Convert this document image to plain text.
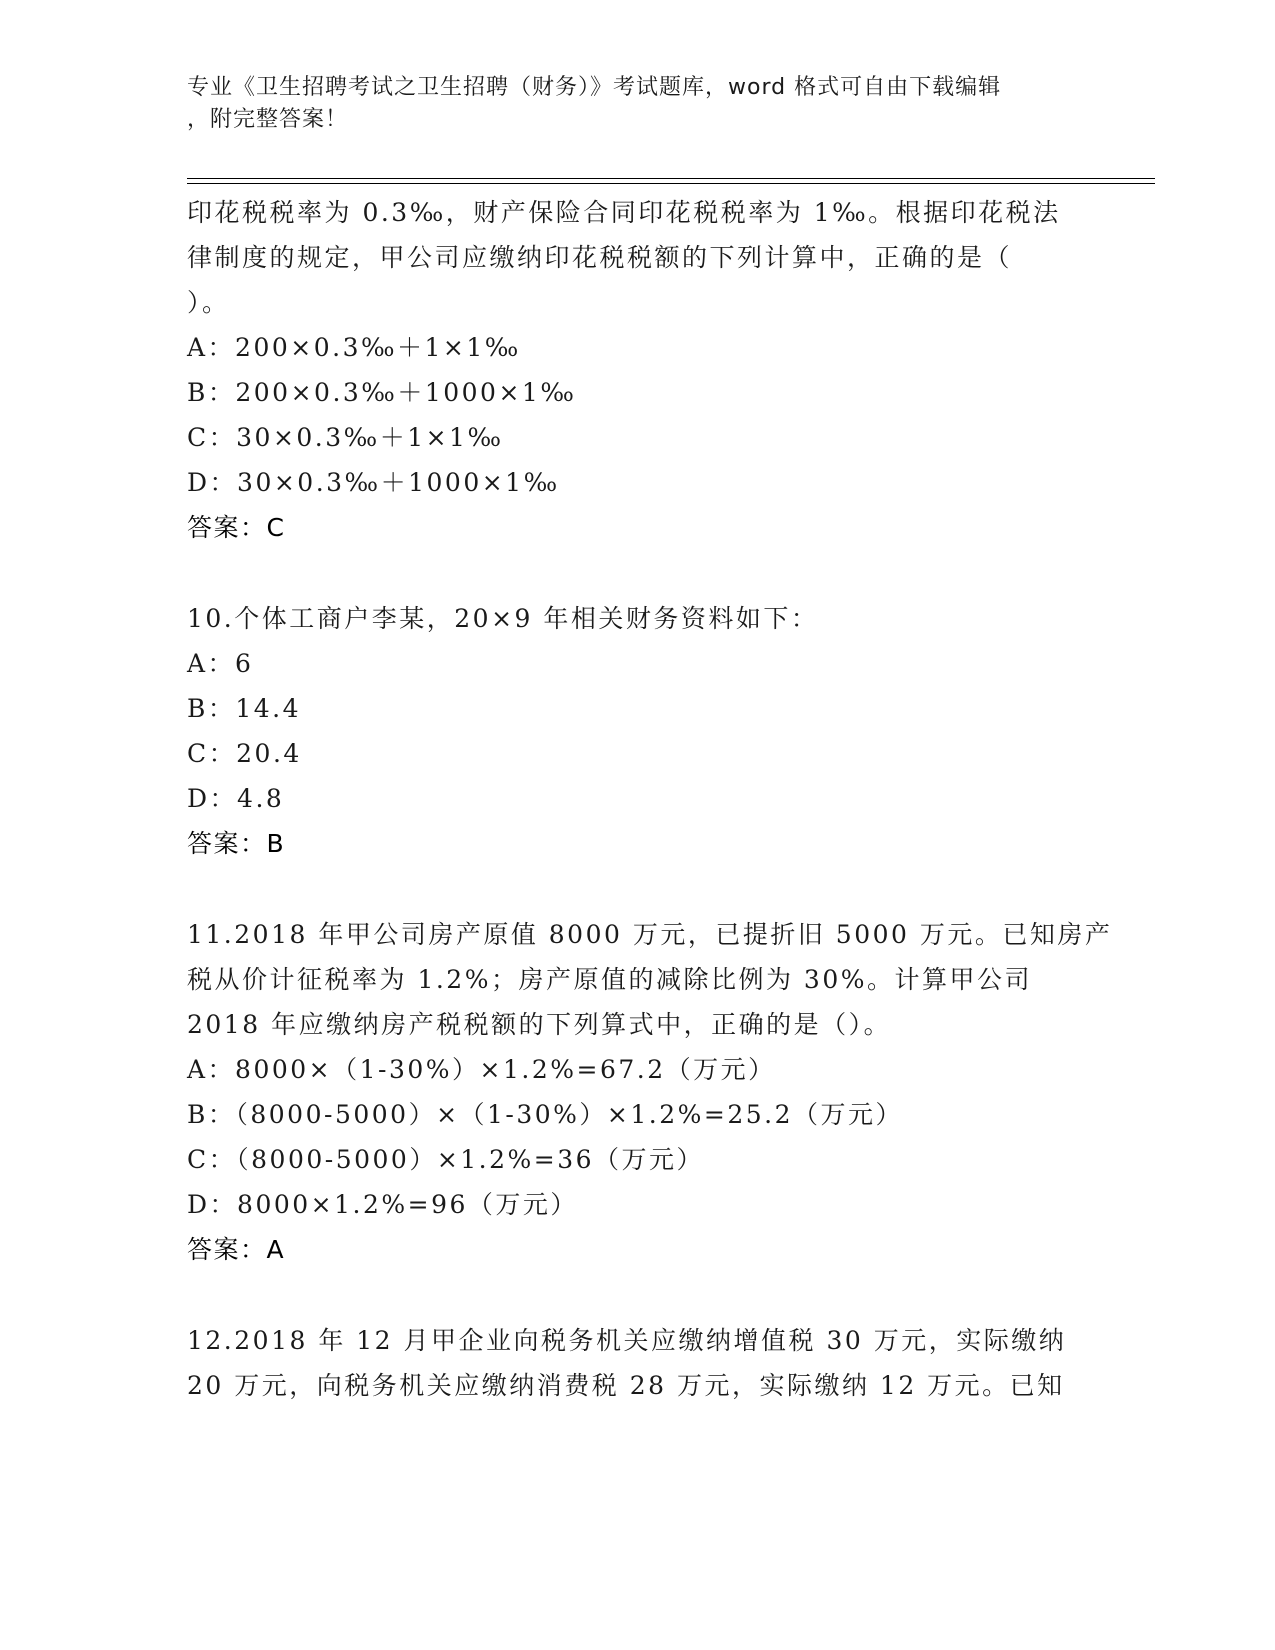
专业《卫生招聘考试之卫生招聘（财务）》考试题库，word 格式可自由下载编辑
，附完整答案！
印花税税率为 0.3‰，财产保险合同印花税税率为 1‰。根据印花税法
律制度的规定，甲公司应缴纳印花税税额的下列计算中，正确的是（
）。
A：200×0.3‰＋1×1‰
B：200×0.3‰＋1000×1‰
C：30×0.3‰＋1×1‰
D：30×0.3‰＋1000×1‰
答案：C
10.个体工商户李某，20×9 年相关财务资料如下：
A：6
B：14.4
C：20.4
D：4.8
答案：B
11.2018 年甲公司房产原值 8000 万元，已提折旧 5000 万元。已知房产
税从价计征税率为 1.2%；房产原值的减除比例为 30%。计算甲公司
2018 年应缴纳房产税税额的下列算式中，正确的是（）。
A：8000×（1-30%）×1.2%=67.2（万元）
B：（8000-5000）×（1-30%）×1.2%=25.2（万元）
C：（8000-5000）×1.2%=36（万元）
D：8000×1.2%=96（万元）
答案：A
12.2018 年 12 月甲企业向税务机关应缴纳增值税 30 万元，实际缴纳
20 万元，向税务机关应缴纳消费税 28 万元，实际缴纳 12 万元。已知
